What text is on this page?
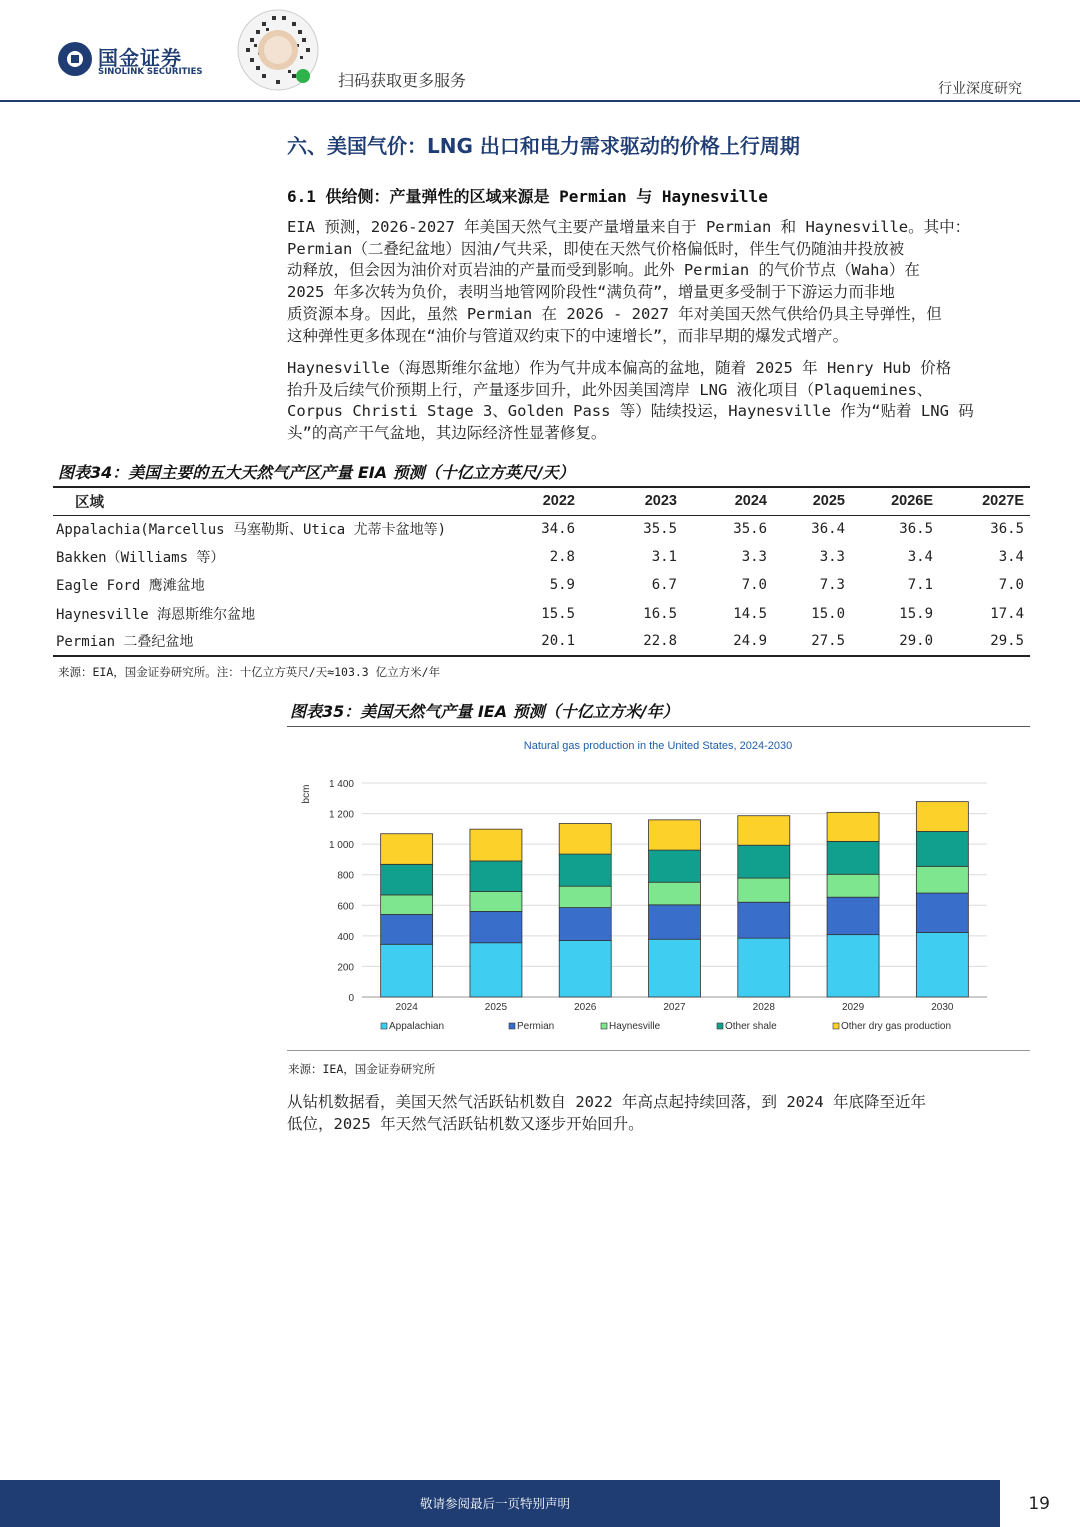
国金证券
SINOLINK SECURITIES	扫码获取更多服务	行业深度研究
六、美国气价：LNG 出口和电力需求驱动的价格上行周期
6.1 供给侧：产量弹性的区域来源是 Permian 与 Haynesville
EIA 预测，2026-2027 年美国天然气主要产量增量来自于 Permian 和 Haynesville。其中：
Permian（二叠纪盆地）因油/气共采，即使在天然气价格偏低时，伴生气仍随油井投放被
动释放，但会因为油价对页岩油的产量而受到影响。此外 Permian 的气价节点（Waha）在
2025 年多次转为负价，表明当地管网阶段性“满负荷”，增量更多受制于下游运力而非地
质资源本身。因此，虽然 Permian 在 2026 - 2027 年对美国天然气供给仍具主导弹性，但
这种弹性更多体现在“油价与管道双约束下的中速增长”，而非早期的爆发式增产。
Haynesville（海恩斯维尔盆地）作为气井成本偏高的盆地，随着 2025 年 Henry Hub 价格
抬升及后续气价预期上行，产量逐步回升，此外因美国湾岸 LNG 液化项目（Plaquemines、
Corpus Christi Stage 3、Golden Pass 等）陆续投运，Haynesville 作为“贴着 LNG 码
头”的高产干气盆地，其边际经济性显著修复。
图表34：美国主要的五大天然气产区产量 EIA 预测（十亿立方英尺/天）
区域	2022	2023	2024	2025	2026E	2027E
Appalachia(Marcellus 马塞勒斯、Utica 尤蒂卡盆地等)	34.6	35.5	35.6	36.4	36.5	36.5
Bakken（Williams 等）	2.8	3.1	3.3	3.3	3.4	3.4
Eagle Ford 鹰滩盆地	5.9	6.7	7.0	7.3	7.1	7.0
Haynesville 海恩斯维尔盆地	15.5	16.5	14.5	15.0	15.9	17.4
Permian 二叠纪盆地	20.1	22.8	24.9	27.5	29.0	29.5
来源：EIA，国金证券研究所。注：十亿立方英尺/天≈103.3 亿立方米/年
图表35：美国天然气产量 IEA 预测（十亿立方米/年）
Natural gas production in the United States, 2024-2030
bcm
0
200
400
600
800
1 000
1 200
1 400
2024	2025	2026	2027	2028	2029	2030
Appalachian	Permian	Haynesville	Other shale	Other dry gas production
来源：IEA，国金证券研究所
从钻机数据看，美国天然气活跃钻机数自 2022 年高点起持续回落，到 2024 年底降至近年
低位，2025 年天然气活跃钻机数又逐步开始回升。
敬请参阅最后一页特别声明	19
